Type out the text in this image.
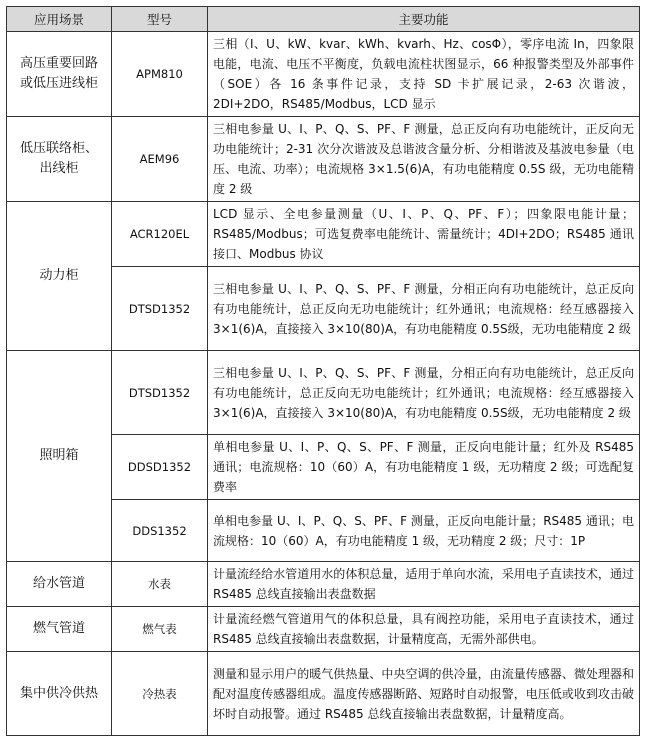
应用场景	型号	主要功能
高压重要回路
或低压进线柜	APM810	三相（I、U、kW、kvar、kWh、kvarh、Hz、cosΦ），零序电流 In，四象限电能，电流、电压不平衡度，负载电流柱状图显示，66 种报警类型及外部事件（SOE）各 16 条事件记录，支持 SD 卡扩展记录，2-63 次谐波，2DI+2DO，RS485/Modbus，LCD 显示
低压联络柜、
出线柜	AEM96	三相电参量 U、I、P、Q、S、PF、F 测量，总正反向有功电能统计，正反向无功电能统计；2-31 次分次谐波及总谐波含量分析、分相谐波及基波电参量（电压、电流、功率）；电流规格 3×1.5(6)A，有功电能精度 0.5S 级，无功电能精度 2 级
动力柜	ACR120EL	LCD 显示、全电参量测量（U、I、P、Q、PF、F）；四象限电能计量；RS485/Modbus；可选复费率电能统计、需量统计；4DI+2DO；RS485 通讯接口、Modbus 协议
	DTSD1352	三相电参量 U、I、P、Q、S、PF、F 测量，分相正向有功电能统计，总正反向有功电能统计，总正反向无功电能统计；红外通讯；电流规格：经互感器接入 3×1(6)A，直接接入 3×10(80)A，有功电能精度 0.5S级，无功电能精度 2 级
照明箱	DTSD1352	三相电参量 U、I、P、Q、S、PF、F 测量，分相正向有功电能统计，总正反向有功电能统计，总正反向无功电能统计；红外通讯；电流规格：经互感器接入 3×1(6)A，直接接入 3×10(80)A，有功电能精度 0.5S级，无功电能精度 2 级
	DDSD1352	单相电参量 U、I、P、Q、S、PF、F 测量，正反向电能计量；红外及 RS485 通讯；电流规格：10（60）A，有功电能精度 1 级，无功精度 2 级；可选配复费率
	DDS1352	单相电参量 U、I、P、Q、S、PF、F 测量，正反向电能计量；RS485 通讯；电流规格：10（60）A，有功电能精度 1 级，无功精度 2 级；尺寸：1P
给水管道	水表	计量流经给水管道用水的体积总量，适用于单向水流，采用电子直读技术，通过 RS485 总线直接输出表盘数据
燃气管道	燃气表	计量流经燃气管道用气的体积总量，具有阀控功能，采用电子直读技术，通过 RS485 总线直接输出表盘数据，计量精度高，无需外部供电。
集中供冷供热	冷热表	测量和显示用户的暖气供热量、中央空调的供冷量，由流量传感器、微处理器和配对温度传感器组成。温度传感器断路、短路时自动报警，电压低或收到攻击破坏时自动报警。通过 RS485 总线直接输出表盘数据，计量精度高。
